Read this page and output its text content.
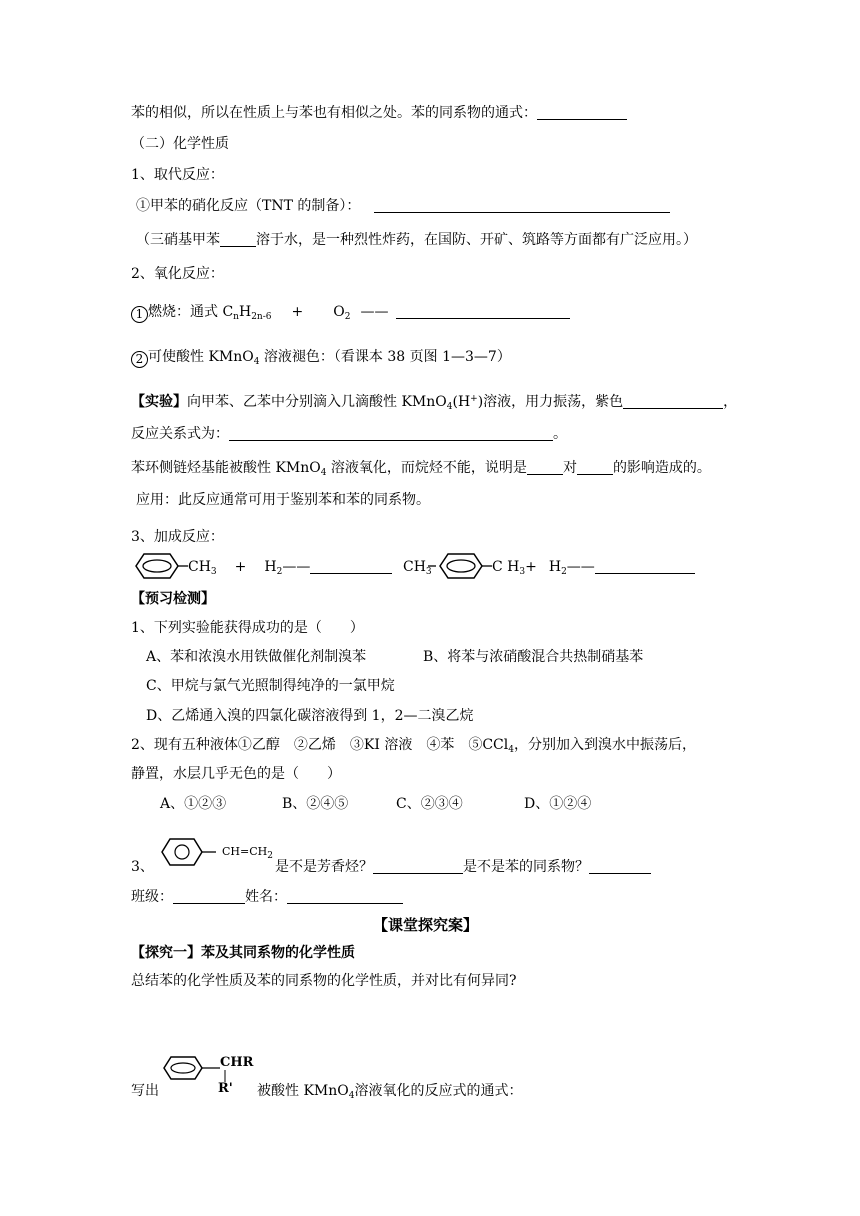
苯的相似，所以在性质上与苯也有相似之处。苯的同系物的通式：
（二）化学性质
1、取代反应：
①甲苯的硝化反应（TNT 的制备）：
（三硝基甲苯	溶于水，是一种烈性炸药，在国防、开矿、筑路等方面都有广泛应用。）
2、氧化反应：
1 燃烧：通式 $C_nH_{2n-6} + O_2$ ——
2 可使酸性 KMnO$_4$ 溶液褪色：（看课本 38 页图 1—3—7）
【实验】向甲苯、乙苯中分别滴入几滴酸性 KMnO$_4$(H+)溶液，用力振荡，紫色	，
反应关系式为：	。
苯环侧链烃基能被酸性 KMnO$_4$ 溶液氧化，而烷烃不能，说明是	对	的影响造成的。
应用：此反应通常可用于鉴别苯和苯的同系物。
3、加成反应：
$CH_3$ + $H_2——$	$CH_3$	C $H_3+$ $H_2——$
【预习检测】
1、下列实验能获得成功的是（　　）
A、苯和浓溴水用铁做催化剂制溴苯	B、将苯与浓硝酸混合共热制硝基苯
C、甲烷与氯气光照制得纯净的一氯甲烷
D、乙烯通入溴的四氯化碳溶液得到 1，2—二溴乙烷
2、现有五种液体①乙醇　②乙烯　③KI 溶液　④苯　⑤CCl$_4$，分别加入到溴水中振荡后，
静置，水层几乎无色的是（　　）
A、①②③	B、②④⑤	C、②③④	D、①②④
3、
$CH=CH_2$
是不是芳香烃？	是不是苯的同系物？
班级：	姓名：
【课堂探究案】
【探究一】苯及其同系物的化学性质
总结苯的化学性质及苯的同系物的化学性质，并对比有何异同?
CHR
R'
写出	被酸性 KMnO$_4$溶液氧化的反应式的通式：
